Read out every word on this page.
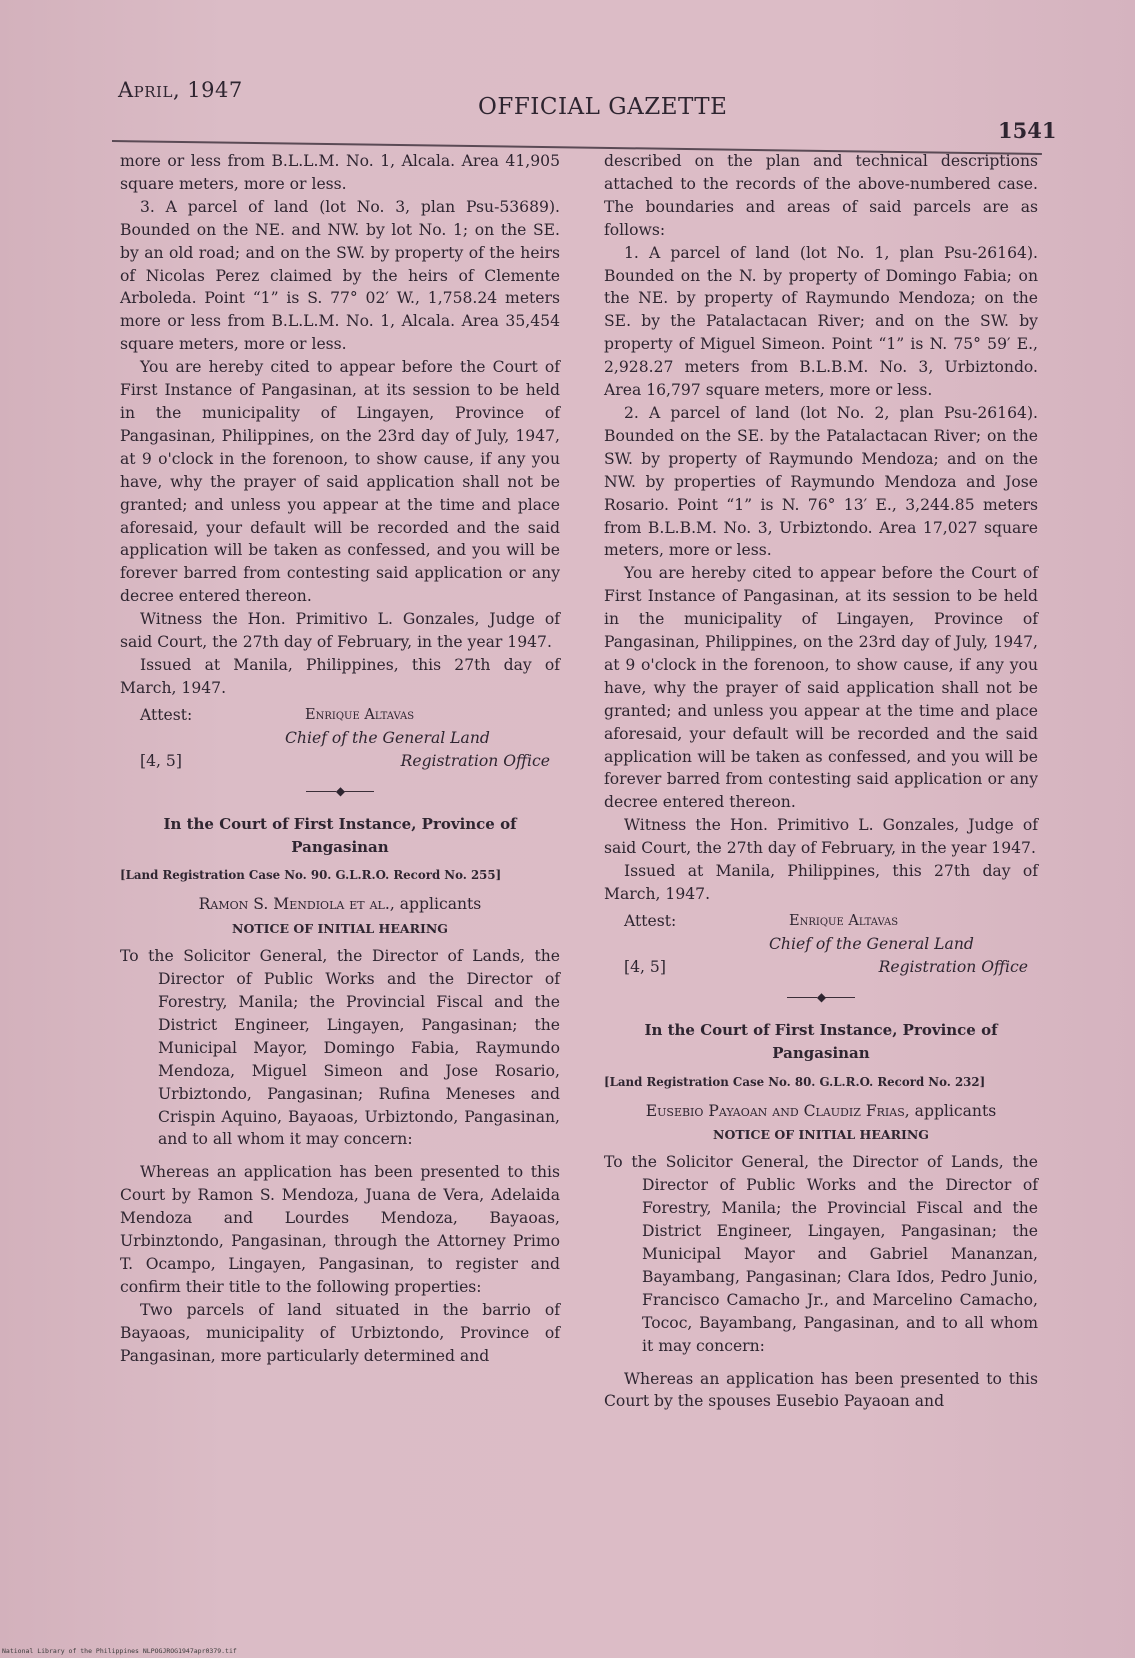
April, 1947
OFFICIAL GAZETTE
1541

more or less from B.L.L.M. No. 1, Alcala. Area 41,905 square meters, more or less.

3. A parcel of land (lot No. 3, plan Psu-53689). Bounded on the NE. and NW. by lot No. 1; on the SE. by an old road; and on the SW. by property of the heirs of Nicolas Perez claimed by the heirs of Clemente Arboleda. Point “1” is S. 77° 02′ W., 1,758.24 meters more or less from B.L.L.M. No. 1, Alcala. Area 35,454 square meters, more or less.

You are hereby cited to appear before the Court of First Instance of Pangasinan, at its session to be held in the municipality of Lingayen, Province of Pangasinan, Philippines, on the 23rd day of July, 1947, at 9 o'clock in the forenoon, to show cause, if any you have, why the prayer of said application shall not be granted; and unless you appear at the time and place aforesaid, your default will be recorded and the said application will be taken as confessed, and you will be forever barred from contesting said application or any decree entered thereon.

Witness the Hon. Primitivo L. Gonzales, Judge of said Court, the 27th day of February, in the year 1947.

Issued at Manila, Philippines, this 27th day of March, 1947.

Attest:	Enrique Altavas
Chief of the General Land
[4, 5]	Registration Office
◆
In the Court of First Instance, Province of Pangasinan
[Land Registration Case No. 90. G.L.R.O. Record No. 255]
Ramon S. Mendiola et al., applicants
NOTICE OF INITIAL HEARING

To the Solicitor General, the Director of Lands, the Director of Public Works and the Director of Forestry, Manila; the Provincial Fiscal and the District Engineer, Lingayen, Pangasinan; the Municipal Mayor, Domingo Fabia, Raymundo Mendoza, Miguel Simeon and Jose Rosario, Urbiztondo, Pangasinan; Rufina Meneses and Crispin Aquino, Bayaoas, Urbiztondo, Pangasinan, and to all whom it may concern:

Whereas an application has been presented to this Court by Ramon S. Mendoza, Juana de Vera, Adelaida Mendoza and Lourdes Mendoza, Bayaoas, Urbinztondo, Pangasinan, through the Attorney Primo T. Ocampo, Lingayen, Pangasinan, to register and confirm their title to the following properties:

Two parcels of land situated in the barrio of Bayaoas, municipality of Urbiztondo, Province of Pangasinan, more particularly determined and

described on the plan and technical descriptions attached to the records of the above-numbered case. The boundaries and areas of said parcels are as follows:

1. A parcel of land (lot No. 1, plan Psu-26164). Bounded on the N. by property of Domingo Fabia; on the NE. by property of Raymundo Mendoza; on the SE. by the Patalactacan River; and on the SW. by property of Miguel Simeon. Point “1” is N. 75° 59′ E., 2,928.27 meters from B.L.B.M. No. 3, Urbiztondo. Area 16,797 square meters, more or less.

2. A parcel of land (lot No. 2, plan Psu-26164). Bounded on the SE. by the Patalactacan River; on the SW. by property of Raymundo Mendoza; and on the NW. by properties of Raymundo Mendoza and Jose Rosario. Point “1” is N. 76° 13′ E., 3,244.85 meters from B.L.B.M. No. 3, Urbiztondo. Area 17,027 square meters, more or less.

You are hereby cited to appear before the Court of First Instance of Pangasinan, at its session to be held in the municipality of Lingayen, Province of Pangasinan, Philippines, on the 23rd day of July, 1947, at 9 o'clock in the forenoon, to show cause, if any you have, why the prayer of said application shall not be granted; and unless you appear at the time and place aforesaid, your default will be recorded and the said application will be taken as confessed, and you will be forever barred from contesting said application or any decree entered thereon.

Witness the Hon. Primitivo L. Gonzales, Judge of said Court, the 27th day of February, in the year 1947.

Issued at Manila, Philippines, this 27th day of March, 1947.

Attest:	Enrique Altavas
Chief of the General Land
[4, 5]	Registration Office
◆
In the Court of First Instance, Province of Pangasinan
[Land Registration Case No. 80. G.L.R.O. Record No. 232]
Eusebio Payaoan and Claudiz Frias, applicants
NOTICE OF INITIAL HEARING

To the Solicitor General, the Director of Lands, the Director of Public Works and the Director of Forestry, Manila; the Provincial Fiscal and the District Engineer, Lingayen, Pangasinan; the Municipal Mayor and Gabriel Mananzan, Bayambang, Pangasinan; Clara Idos, Pedro Junio, Francisco Camacho Jr., and Marcelino Camacho, Tococ, Bayambang, Pangasinan, and to all whom it may concern:

Whereas an application has been presented to this Court by the spouses Eusebio Payaoan and

National Library of the Philippines NLPOGJROG1947apr0379.tif
